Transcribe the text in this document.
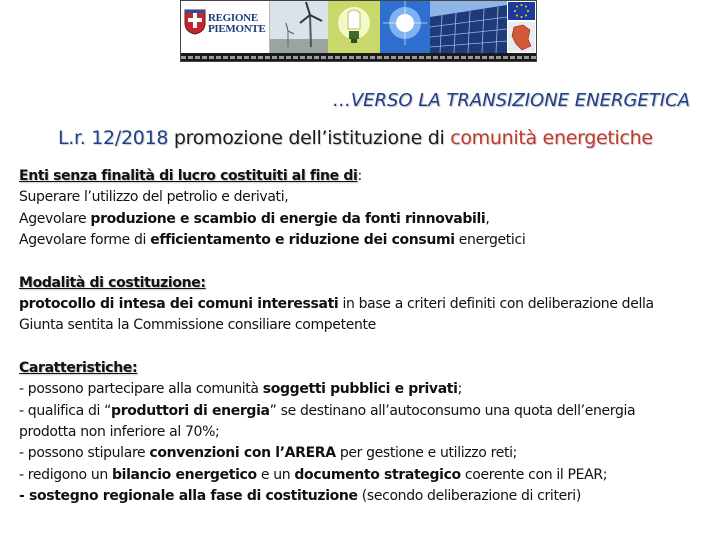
REGIONE
PIEMONTE
…VERSO LA TRANSIZIONE ENERGETICA
L.r. 12/2018 promozione dell’istituzione di comunità energetiche

Enti senza finalità di lucro costituiti al fine di:

Superare l’utilizzo del petrolio e derivati,

Agevolare produzione e scambio di energie da fonti rinnovabili,

Agevolare forme di efficientamento e riduzione dei consumi energetici

Modalità di costituzione:

protocollo di intesa dei comuni interessati in base a criteri definiti con deliberazione della

Giunta sentita la Commissione consiliare competente

Caratteristiche:

- possono partecipare alla comunità soggetti pubblici e privati;

- qualifica di “produttori di energia” se destinano all’autoconsumo una quota dell’energia

prodotta non inferiore al 70%;

- possono stipulare convenzioni con l’ARERA per gestione e utilizzo reti;

- redigono un bilancio energetico e un documento strategico coerente con il PEAR;

- sostegno regionale alla fase di costituzione (secondo deliberazione di criteri)
